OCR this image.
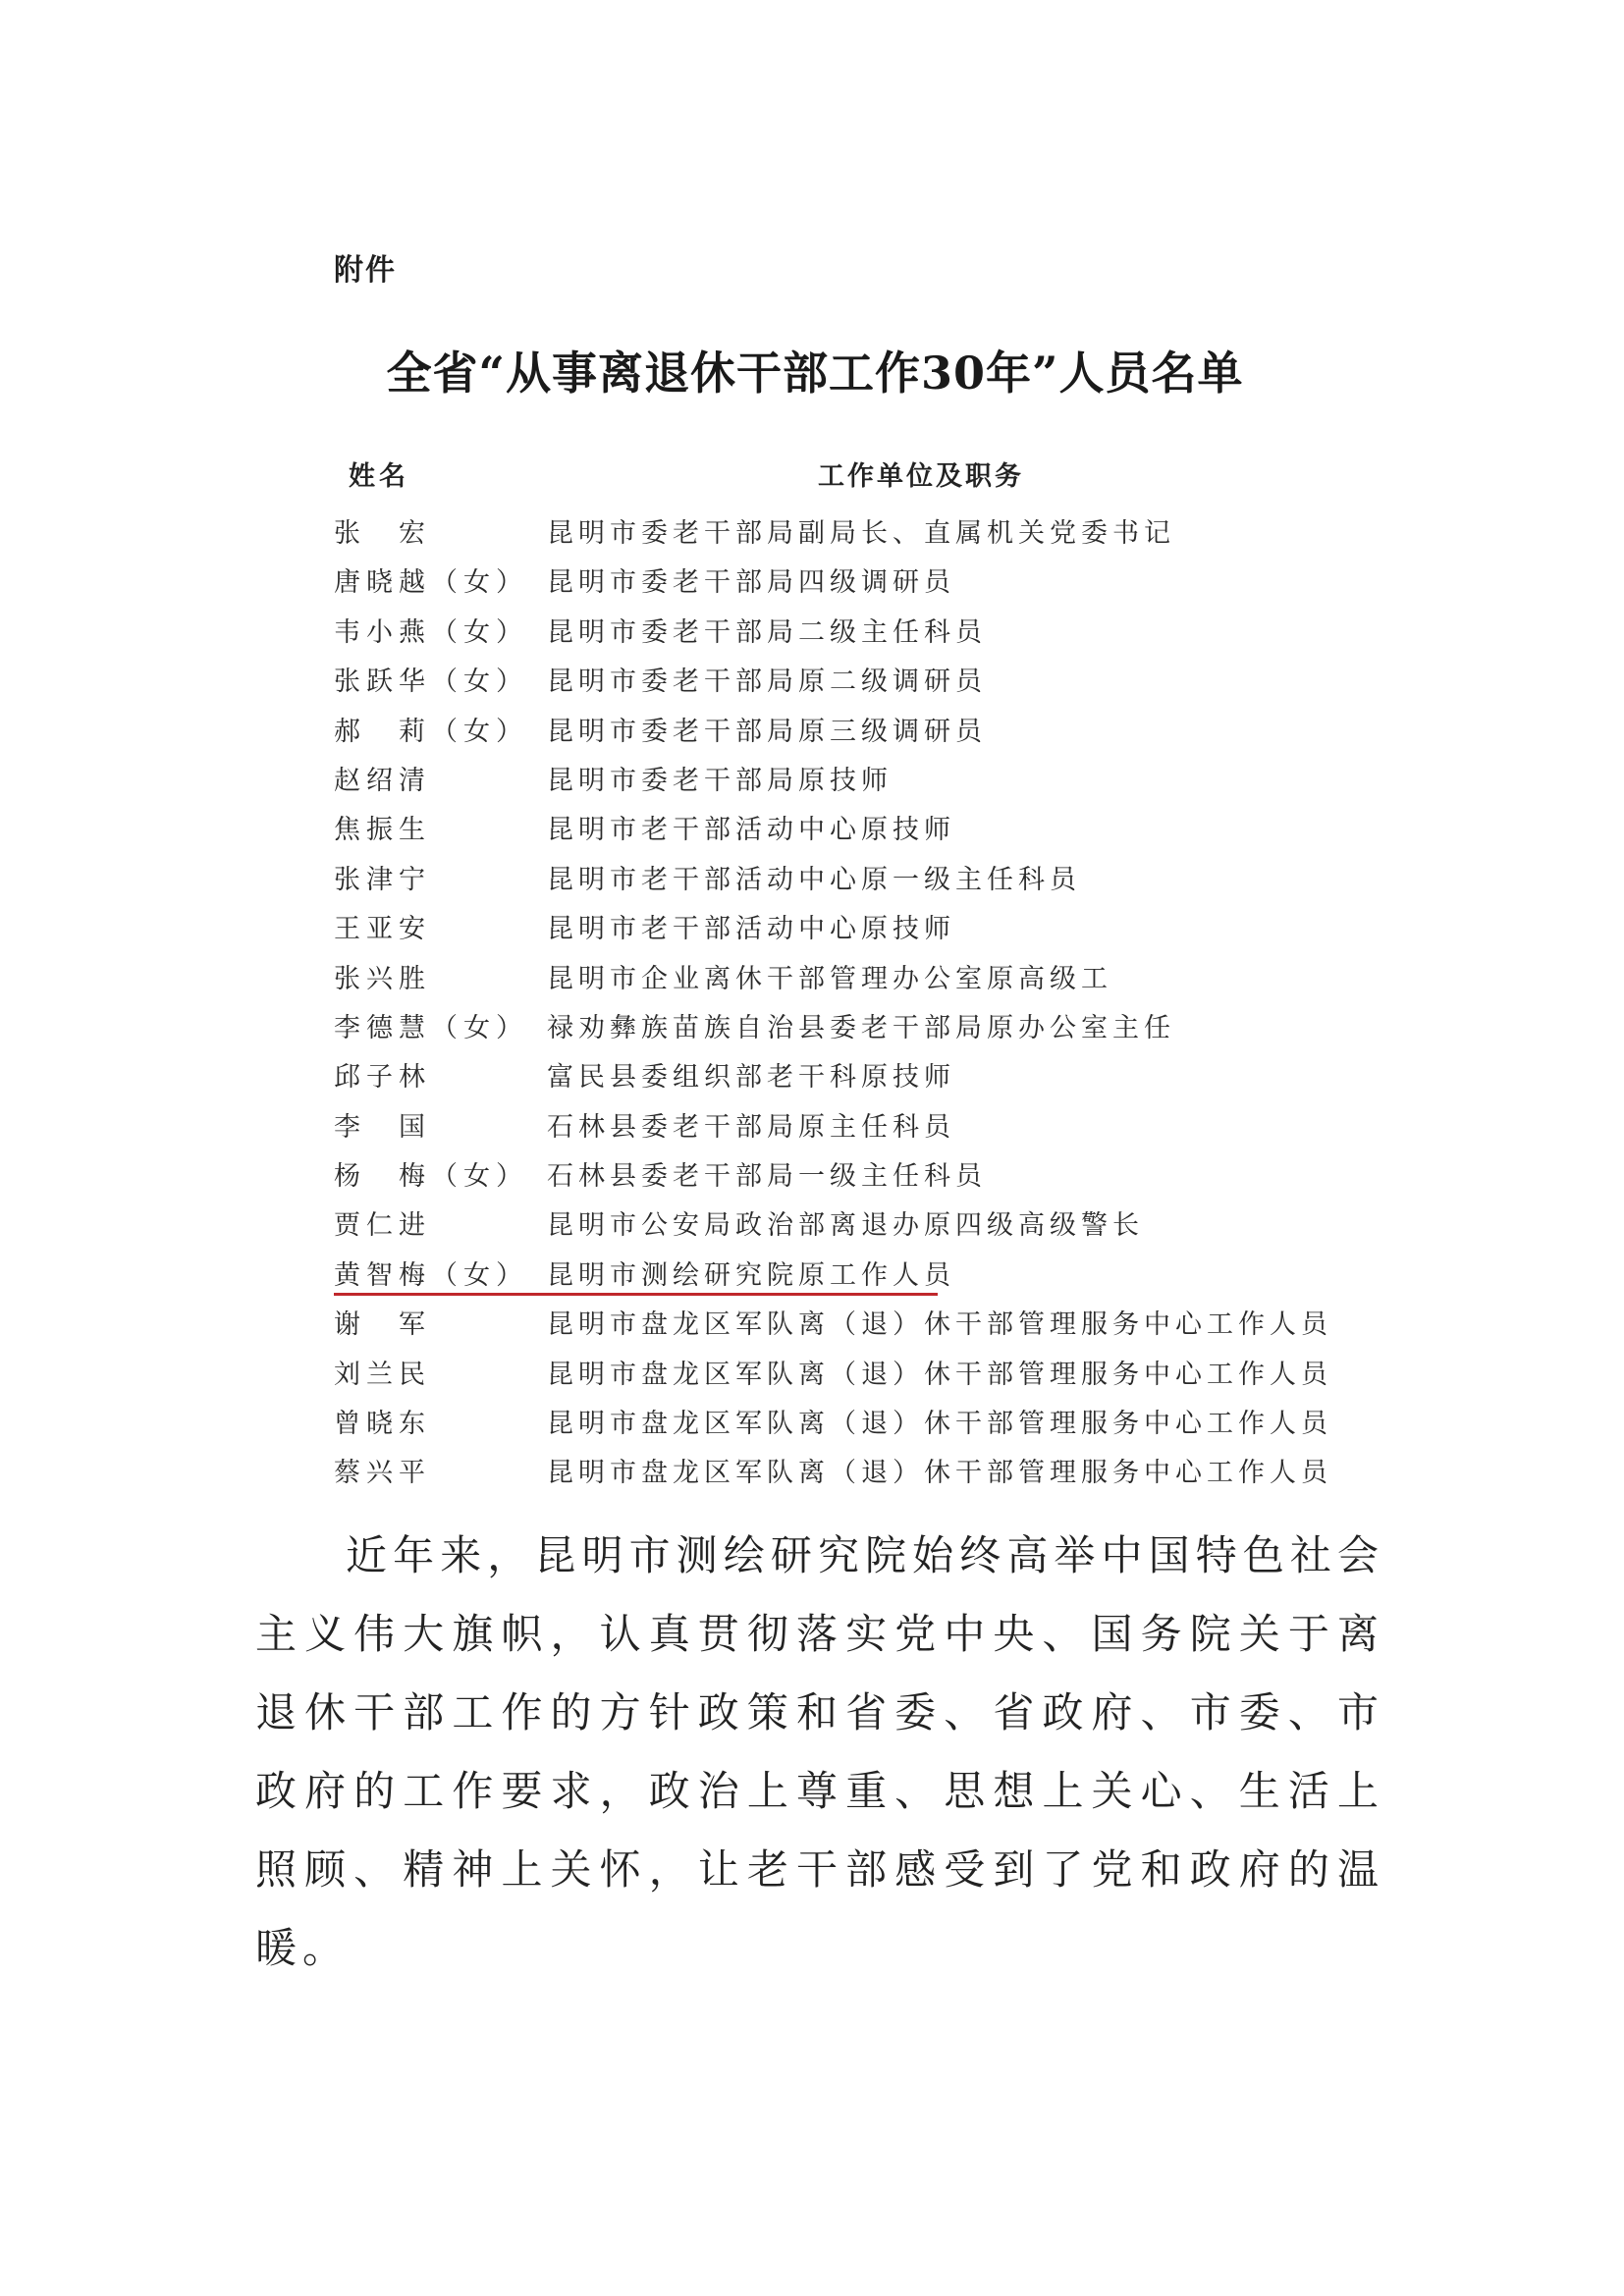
附件
全省“从事离退休干部工作30年”人员名单
姓名	工作单位及职务
张　宏	昆明市委老干部局副局长、直属机关党委书记
唐晓越（女） 昆明市委老干部局四级调研员
韦小燕（女） 昆明市委老干部局二级主任科员
张跃华（女） 昆明市委老干部局原二级调研员
郝　莉（女） 昆明市委老干部局原三级调研员
赵绍清	昆明市委老干部局原技师
焦振生	昆明市老干部活动中心原技师
张津宁	昆明市老干部活动中心原一级主任科员
王亚安	昆明市老干部活动中心原技师
张兴胜	昆明市企业离休干部管理办公室原高级工
李德慧（女） 禄劝彝族苗族自治县委老干部局原办公室主任
邱子林	富民县委组织部老干科原技师
李　国	石林县委老干部局原主任科员
杨　梅（女） 石林县委老干部局一级主任科员
贾仁进	昆明市公安局政治部离退办原四级高级警长
黄智梅（女） 昆明市测绘研究院原工作人员
谢　军	昆明市盘龙区军队离（退）休干部管理服务中心工作人员
刘兰民	昆明市盘龙区军队离（退）休干部管理服务中心工作人员
曾晓东	昆明市盘龙区军队离（退）休干部管理服务中心工作人员
蔡兴平	昆明市盘龙区军队离（退）休干部管理服务中心工作人员
近年来，昆明市测绘研究院始终高举中国特色社会主义伟大旗帜，认真贯彻落实党中央、国务院关于离退休干部工作的方针政策和省委、省政府、市委、市政府的工作要求，政治上尊重、思想上关心、生活上照顾、精神上关怀，让老干部感受到了党和政府的温暖。
